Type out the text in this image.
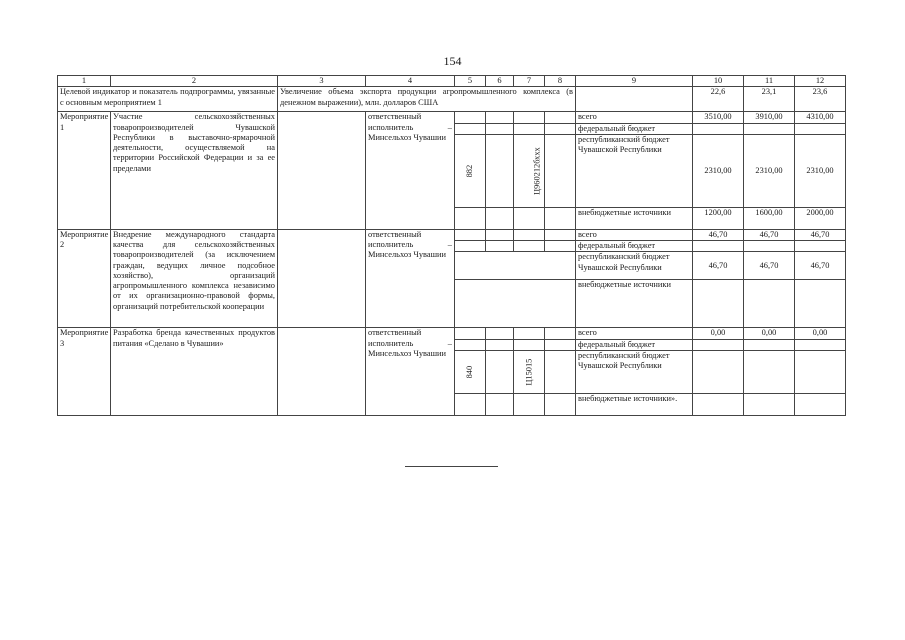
154
1	2	3	4	5	6	7	8	9	10	11	12
Целевой индикатор и показатель подпрограммы, увязанные с основным мероприятием 1		Увеличение объема экспорта продукции агропромышленного комплекса (в денежном выражении), млн. долларов США							22,6	23,1	23,6
Мероприятие 1	Участие сельскохозяйственных товаропроизводителей Чувашской Республики в выставочно-ярмарочной деятельности, осуществляемой на территории Российской Федерации и за ее пределами		ответственный исполнитель – Минсельхоз Чувашии					всего	3510,00	3910,00	4310,00
								федеральный бюджет			
				882		Ц960212бххх		республиканский бюджет Чувашской Республики	2310,00	2310,00	2310,00
								внебюджетные источники	1200,00	1600,00	2000,00
Мероприятие 2	Внедрение международного стандарта качества для сельскохозяйственных товаропроизводителей (за исключением граждан, ведущих личное подсобное хозяйство), организаций агропромышленного комплекса независимо от их организационно-правовой формы, организаций потребительской кооперации		ответственный исполнитель – Минсельхоз Чувашии					всего	46,70	46,70	46,70
								федеральный бюджет			
								республиканский бюджет Чувашской Республики	46,70	46,70	46,70
								внебюджетные источники			
Мероприятие 3	Разработка бренда качественных продуктов питания «Сделано в Чувашии»		ответственный исполнитель – Минсельхоз Чувашии					всего	0,00	0,00	0,00
								федеральный бюджет			
				840		Ц15015		республиканский бюджет Чувашской Республики			
								внебюджетные источники».			
